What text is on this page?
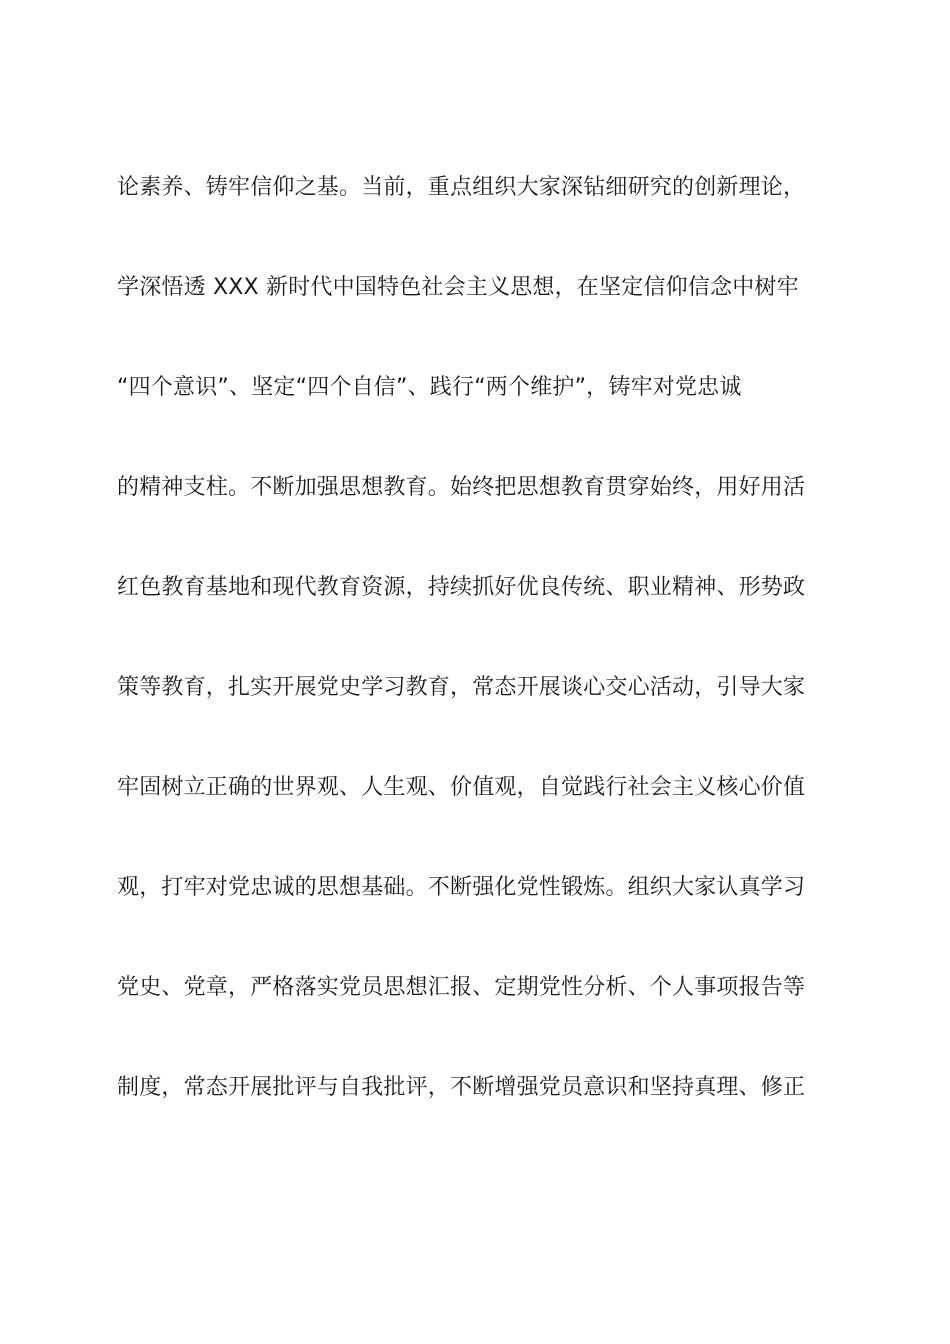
论素养、铸牢信仰之基。当前，重点组织大家深钻细研究的创新理论，
学深悟透 XXX 新时代中国特色社会主义思想，在坚定信仰信念中树牢
“四个意识”、坚定“四个自信”、践行“两个维护”，铸牢对党忠诚
的精神支柱。不断加强思想教育。始终把思想教育贯穿始终，用好用活
红色教育基地和现代教育资源，持续抓好优良传统、职业精神、形势政
策等教育，扎实开展党史学习教育，常态开展谈心交心活动，引导大家
牢固树立正确的世界观、人生观、价值观，自觉践行社会主义核心价值
观，打牢对党忠诚的思想基础。不断强化党性锻炼。组织大家认真学习
党史、党章，严格落实党员思想汇报、定期党性分析、个人事项报告等
制度，常态开展批评与自我批评，不断增强党员意识和坚持真理、修正
